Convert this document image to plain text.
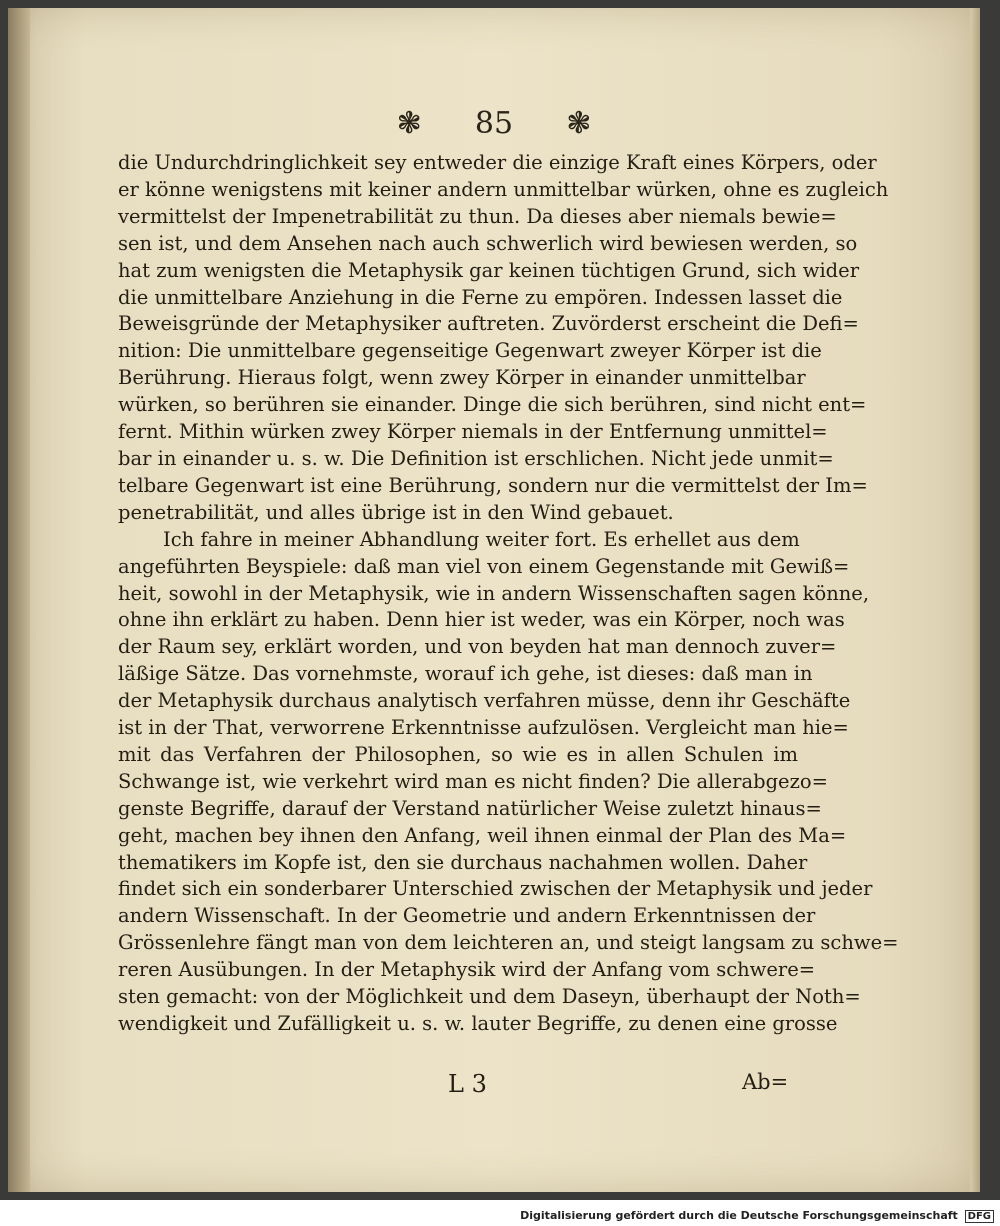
❃ 85 ❃
die Undurchdringlichkeit sey entweder die einzige Kraft eines Körpers, oder
er könne wenigstens mit keiner andern unmittelbar würken, ohne es zugleich
vermittelst der Impenetrabilität zu thun. Da dieses aber niemals bewie=
sen ist, und dem Ansehen nach auch schwerlich wird bewiesen werden, so
hat zum wenigsten die Metaphysik gar keinen tüchtigen Grund, sich wider
die unmittelbare Anziehung in die Ferne zu empören. Indessen lasset die
Beweisgründe der Metaphysiker auftreten. Zuvörderst erscheint die Defi=
nition: Die unmittelbare gegenseitige Gegenwart zweyer Körper ist die
Berührung. Hieraus folgt, wenn zwey Körper in einander unmittelbar
würken, so berühren sie einander. Dinge die sich berühren, sind nicht ent=
fernt. Mithin würken zwey Körper niemals in der Entfernung unmittel=
bar in einander u. s. w. Die Definition ist erschlichen. Nicht jede unmit=
telbare Gegenwart ist eine Berührung, sondern nur die vermittelst der Im=
penetrabilität, und alles übrige ist in den Wind gebauet.
Ich fahre in meiner Abhandlung weiter fort. Es erhellet aus dem
angeführten Beyspiele: daß man viel von einem Gegenstande mit Gewiß=
heit, sowohl in der Metaphysik, wie in andern Wissenschaften sagen könne,
ohne ihn erklärt zu haben. Denn hier ist weder, was ein Körper, noch was
der Raum sey, erklärt worden, und von beyden hat man dennoch zuver=
läßige Sätze. Das vornehmste, worauf ich gehe, ist dieses: daß man in
der Metaphysik durchaus analytisch verfahren müsse, denn ihr Geschäfte
ist in der That, verworrene Erkenntnisse aufzulösen. Vergleicht man hie=
mit das Verfahren der Philosophen, so wie es in allen Schulen im
Schwange ist, wie verkehrt wird man es nicht finden? Die allerabgezo=
genste Begriffe, darauf der Verstand natürlicher Weise zuletzt hinaus=
geht, machen bey ihnen den Anfang, weil ihnen einmal der Plan des Ma=
thematikers im Kopfe ist, den sie durchaus nachahmen wollen. Daher
findet sich ein sonderbarer Unterschied zwischen der Metaphysik und jeder
andern Wissenschaft. In der Geometrie und andern Erkenntnissen der
Grössenlehre fängt man von dem leichteren an, und steigt langsam zu schwe=
reren Ausübungen. In der Metaphysik wird der Anfang vom schwere=
sten gemacht: von der Möglichkeit und dem Daseyn, überhaupt der Noth=
wendigkeit und Zufälligkeit u. s. w. lauter Begriffe, zu denen eine grosse
L 3	Ab=
Digitalisierung gefördert durch die Deutsche Forschungsgemeinschaft DFG
